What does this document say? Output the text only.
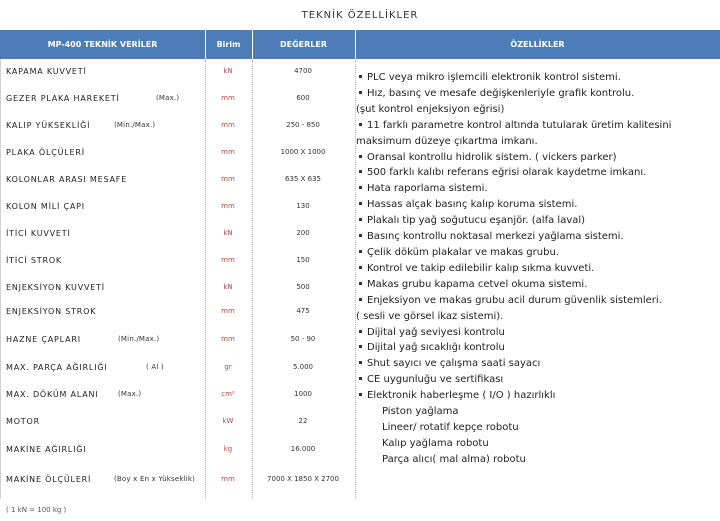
TEKNİK ÖZELLİKLER
MP-400 TEKNİK VERİLER	Birim	DEĞERLER	ÖZELLİKLER
KAPAMA KUVVETİ	kN	4700
GEZER PLAKA HAREKETİ	(Max.)	mm	600
KALIP YÜKSEKLİĞİ	(Min./Max.)	mm	250 - 850
PLAKA ÖLÇÜLERİ	mm	1000 X 1000
KOLONLAR ARASI MESAFE	mm	635 X 635
KOLON MİLİ ÇAPI	mm	130
İTİCİ KUVVETİ	kN	200
İTİCİ STROK	mm	150
ENJEKSİYON KUVVETİ	kN	500
ENJEKSİYON STROK	mm	475
HAZNE ÇAPLARI	(Min./Max.)	mm	50 - 90
MAX. PARÇA AĞIRLIĞI	( Al )	gr	5.000
MAX. DÖKÜM ALANI	(Max.)	cm²	1000
MOTOR	kW	22
MAKİNE AĞIRLIĞI	kg	16.000
MAKİNE ÖLÇÜLERİ	(Boy x En x Yükseklik)	mm	7000 X 1850 X 2700
PLC veya mikro işlemcili elektronik kontrol sistemi.
Hız, basınç ve mesafe değişkenleriyle grafik kontrolu.
(şut kontrol enjeksiyon eğrisi)
11 farklı parametre kontrol altında tutularak üretim kalitesini
maksimum düzeye çıkartma imkanı.
Oransal kontrollu hidrolik sistem. ( vickers parker)
500 farklı kalıbı referans eğrisi olarak kaydetme imkanı.
Hata raporlama sistemi.
Hassas alçak basınç kalıp koruma sistemi.
Plakalı tip yağ soğutucu eşanjör. (alfa laval)
Basınç kontrollu noktasal merkezi yağlama sistemi.
Çelik döküm plakalar ve makas grubu.
Kontrol ve takip edilebilir kalıp sıkma kuvveti.
Makas grubu kapama cetvel okuma sistemi.
Enjeksiyon ve makas grubu acil durum güvenlik sistemleri.
( sesli ve görsel ikaz sistemi).
Dijital yağ seviyesi kontrolu
Dijital yağ sıcaklığı kontrolu
Shut sayıcı ve çalışma saati sayacı
CE uygunluğu ve sertifikası
Elektronik haberleşme ( I/O ) hazırlıklı
Piston yağlama
Lineer/ rotatif kepçe robotu
Kalıp yağlama robotu
Parça alıcı( mal alma) robotu
( 1 kN = 100 kg )
